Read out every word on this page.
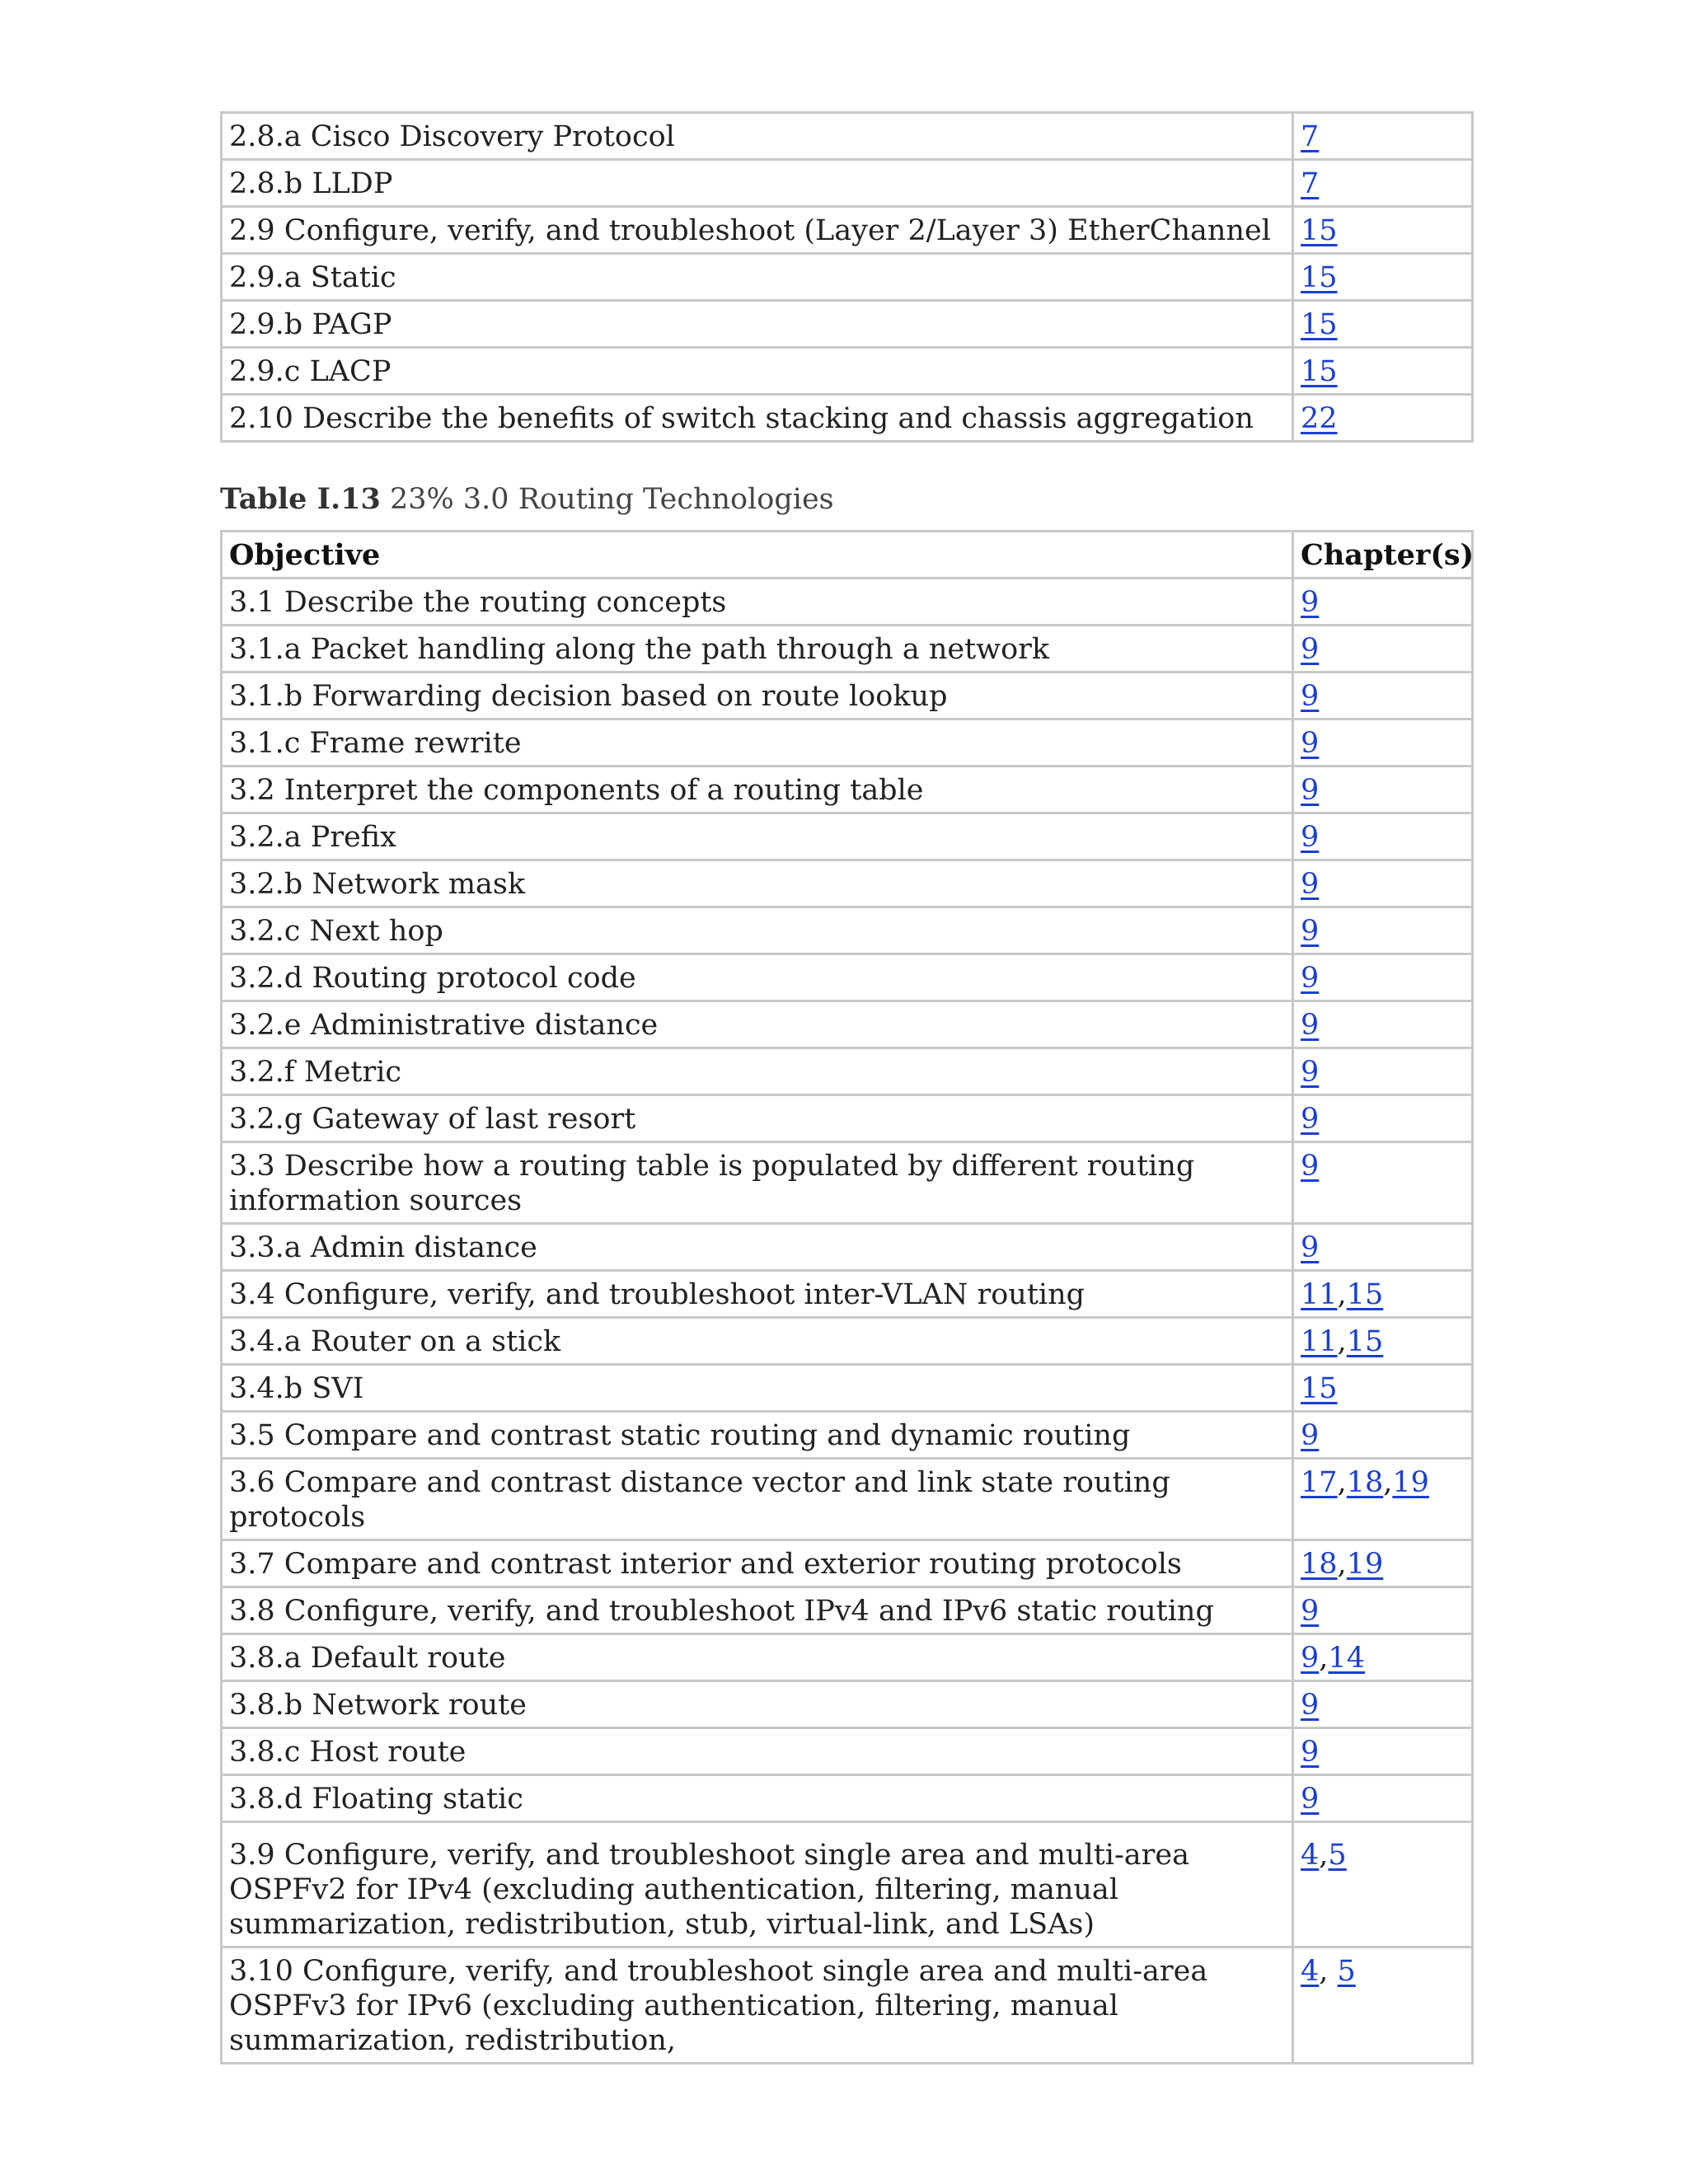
2.8.a Cisco Discovery Protocol	7
2.8.b LLDP	7
2.9 Configure, verify, and troubleshoot (Layer 2/Layer 3) EtherChannel	15
2.9.a Static	15
2.9.b PAGP	15
2.9.c LACP	15
2.10 Describe the benefits of switch stacking and chassis aggregation	22
Table I.13 23% 3.0 Routing Technologies
Objective	Chapter(s)
3.1 Describe the routing concepts	9
3.1.a Packet handling along the path through a network	9
3.1.b Forwarding decision based on route lookup	9
3.1.c Frame rewrite	9
3.2 Interpret the components of a routing table	9
3.2.a Prefix	9
3.2.b Network mask	9
3.2.c Next hop	9
3.2.d Routing protocol code	9
3.2.e Administrative distance	9
3.2.f Metric	9
3.2.g Gateway of last resort	9
3.3 Describe how a routing table is populated by different routing information sources	9
3.3.a Admin distance	9
3.4 Configure, verify, and troubleshoot inter-VLAN routing	11,15
3.4.a Router on a stick	11,15
3.4.b SVI	15
3.5 Compare and contrast static routing and dynamic routing	9
3.6 Compare and contrast distance vector and link state routing protocols	17,18,19
3.7 Compare and contrast interior and exterior routing protocols	18,19
3.8 Configure, verify, and troubleshoot IPv4 and IPv6 static routing	9
3.8.a Default route	9,14
3.8.b Network route	9
3.8.c Host route	9
3.8.d Floating static	9
3.9 Configure, verify, and troubleshoot single area and multi-area OSPFv2 for IPv4 (excluding authentication, filtering, manual summarization, redistribution, stub, virtual-link, and LSAs)	4,5
3.10 Configure, verify, and troubleshoot single area and multi-area OSPFv3 for IPv6 (excluding authentication, filtering, manual summarization, redistribution,	4, 5
